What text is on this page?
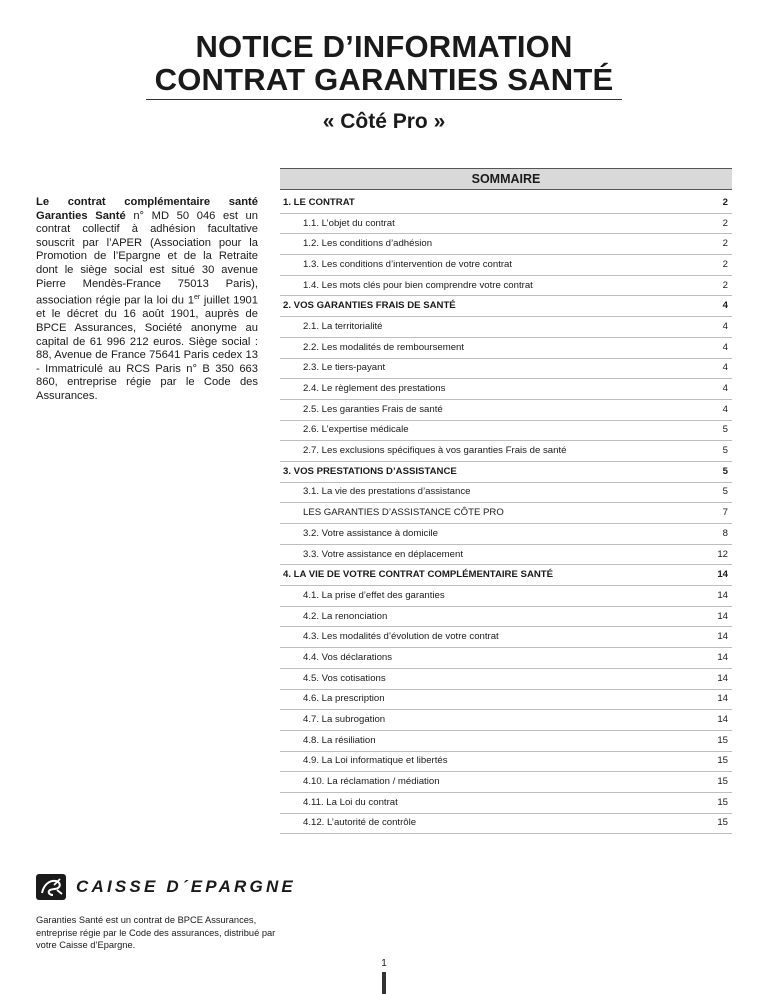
NOTICE D’INFORMATION
CONTRAT GARANTIES SANTÉ
« Côté Pro »
Le contrat complémentaire santé Garanties Santé n° MD 50 046 est un contrat collectif à adhésion facultative souscrit par l’APER (Association pour la Promotion de l’Epargne et de la Retraite dont le siège social est situé 30 avenue Pierre Mendès-France 75013 Paris), association régie par la loi du 1er juillet 1901 et le décret du 16 août 1901, auprès de BPCE Assurances, Société anonyme au capital de 61 996 212 euros. Siège social : 88, Avenue de France 75641 Paris cedex 13 - Immatriculé au RCS Paris n° B 350 663 860, entreprise régie par le Code des Assurances.
SOMMAIRE
1. LE CONTRAT	2
1.1. L’objet du contrat	2
1.2. Les conditions d’adhésion	2
1.3. Les conditions d’intervention de votre contrat	2
1.4. Les mots clés pour bien comprendre votre contrat	2
2. VOS GARANTIES FRAIS DE SANTÉ	4
2.1. La territorialité	4
2.2. Les modalités de remboursement	4
2.3. Le tiers-payant	4
2.4. Le règlement des prestations	4
2.5. Les garanties Frais de santé	4
2.6. L’expertise médicale	5
2.7. Les exclusions spécifiques à vos garanties Frais de santé	5
3. VOS PRESTATIONS D’ASSISTANCE	5
3.1. La vie des prestations d’assistance	5
LES GARANTIES D’ASSISTANCE CÔTE PRO	7
3.2. Votre assistance à domicile	8
3.3. Votre assistance en déplacement	12
4. LA VIE DE VOTRE CONTRAT COMPLÉMENTAIRE SANTÉ	14
4.1. La prise d’effet des garanties	14
4.2. La renonciation	14
4.3. Les modalités d’évolution de votre contrat	14
4.4. Vos déclarations	14
4.5. Vos cotisations	14
4.6. La prescription	14
4.7. La subrogation	14
4.8. La résiliation	15
4.9. La Loi informatique et libertés	15
4.10. La réclamation / médiation	15
4.11. La Loi du contrat	15
4.12. L’autorité de contrôle	15
CAISSE D´EPARGNE
Garanties Santé est un contrat de BPCE Assurances, entreprise régie par le Code des assurances, distribué par votre Caisse d’Epargne.
1
